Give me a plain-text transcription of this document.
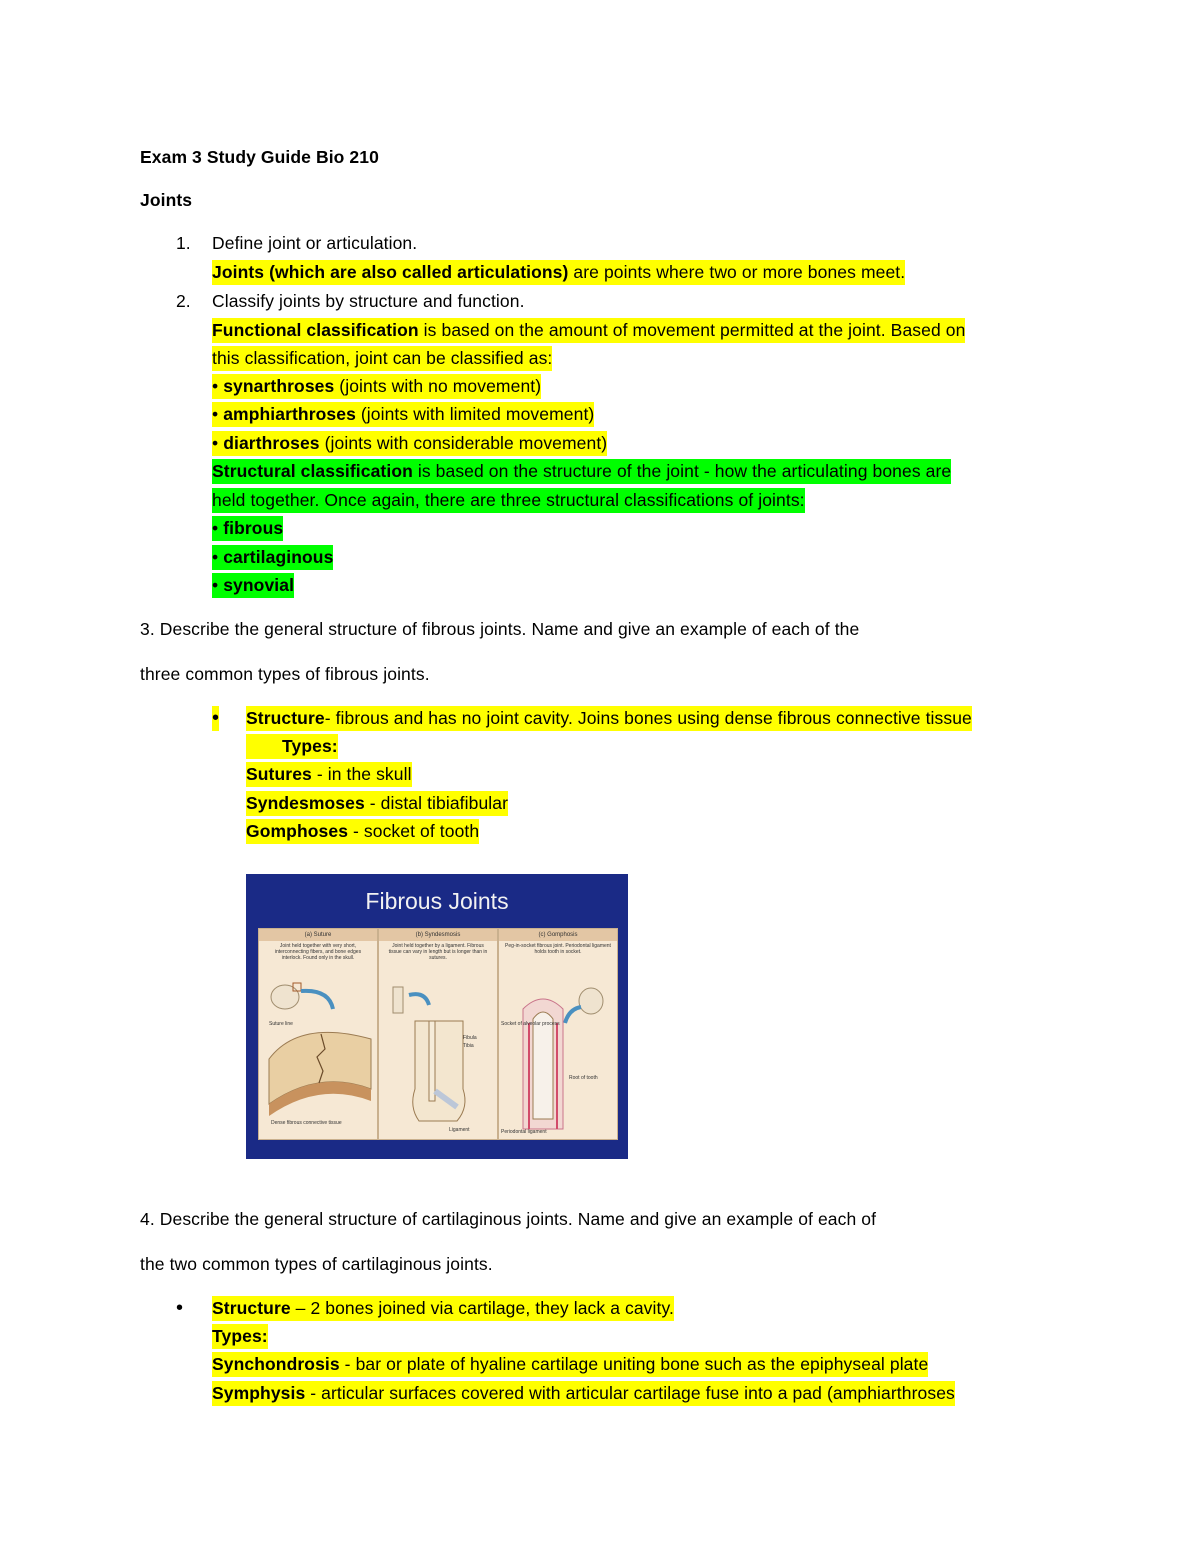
Exam 3 Study Guide Bio 210
Joints
1. Define joint or articulation.
Joints (which are also called articulations) are points where two or more bones meet.
2. Classify joints by structure and function.
Functional classification is based on the amount of movement permitted at the joint. Based on
this classification, joint can be classified as:
• synarthroses (joints with no movement)
• amphiarthroses (joints with limited movement)
• diarthroses (joints with considerable movement)
Structural classification is based on the structure of the joint - how the articulating bones are
held together. Once again, there are three structural classifications of joints:
• fibrous
• cartilaginous
• synovial
3. Describe the general structure of fibrous joints. Name and give an example of each of the
three common types of fibrous joints.
• Structure- fibrous and has no joint cavity. Joins bones using dense fibrous connective tissue
Types:
Sutures - in the skull
Syndesmoses - distal tibiafibular
Gomphoses - socket of tooth
Fibrous Joints
(a) Suture
Joint held together with very short, interconnecting fibers, and bone edges interlock. Found only in the skull.
Suture line
Dense fibrous connective tissue
(b) Syndesmosis
Joint held together by a ligament. Fibrous tissue can vary in length but is longer than in sutures.
Fibula
Tibia
Ligament
(c) Gomphosis
Peg-in-socket fibrous joint. Periodontal ligament holds tooth in socket.
Socket of alveolar process
Root of tooth
Periodontal ligament
4. Describe the general structure of cartilaginous joints. Name and give an example of each of
the two common types of cartilaginous joints.
• Structure – 2 bones joined via cartilage, they lack a cavity.
Types:
Synchondrosis - bar or plate of hyaline cartilage uniting bone such as the epiphyseal plate
Symphysis - articular surfaces covered with articular cartilage fuse into a pad (amphiarthroses
